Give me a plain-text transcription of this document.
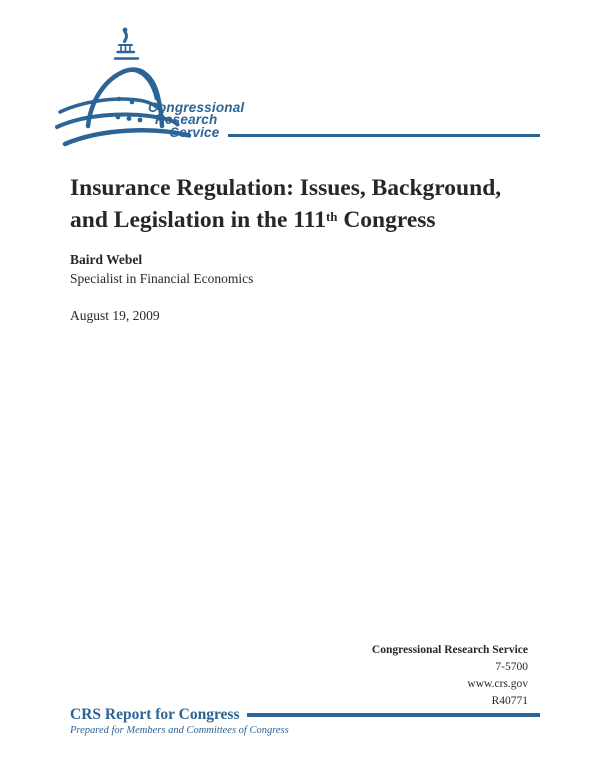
Congressional
Research
Service
Insurance Regulation: Issues, Background,
and Legislation in the 111th Congress
Baird Webel
Specialist in Financial Economics
August 19, 2009
Congressional Research Service
7-5700
www.crs.gov
R40771
CRS Report for Congress
Prepared for Members and Committees of Congress
